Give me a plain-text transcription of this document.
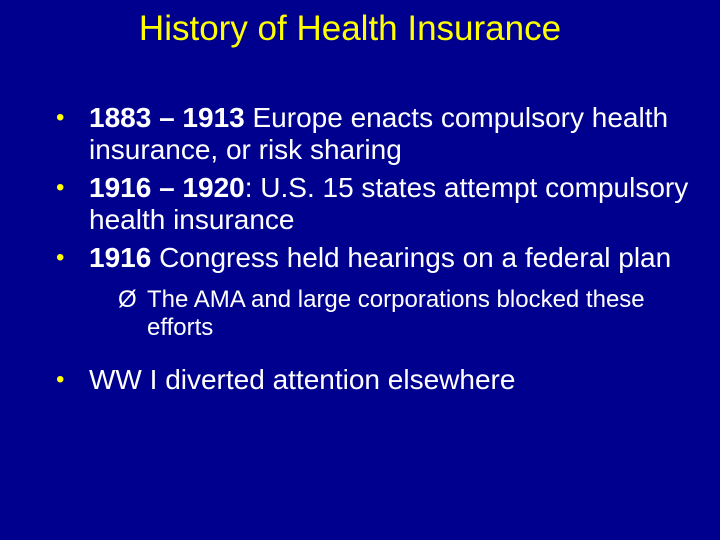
History of Health Insurance
• 1883 – 1913 Europe enacts compulsory health insurance, or risk sharing
• 1916 – 1920: U.S. 15 states attempt compulsory health insurance
• 1916 Congress held hearings on a federal plan
Ø The AMA and large corporations blocked these efforts
• WW I diverted attention elsewhere
